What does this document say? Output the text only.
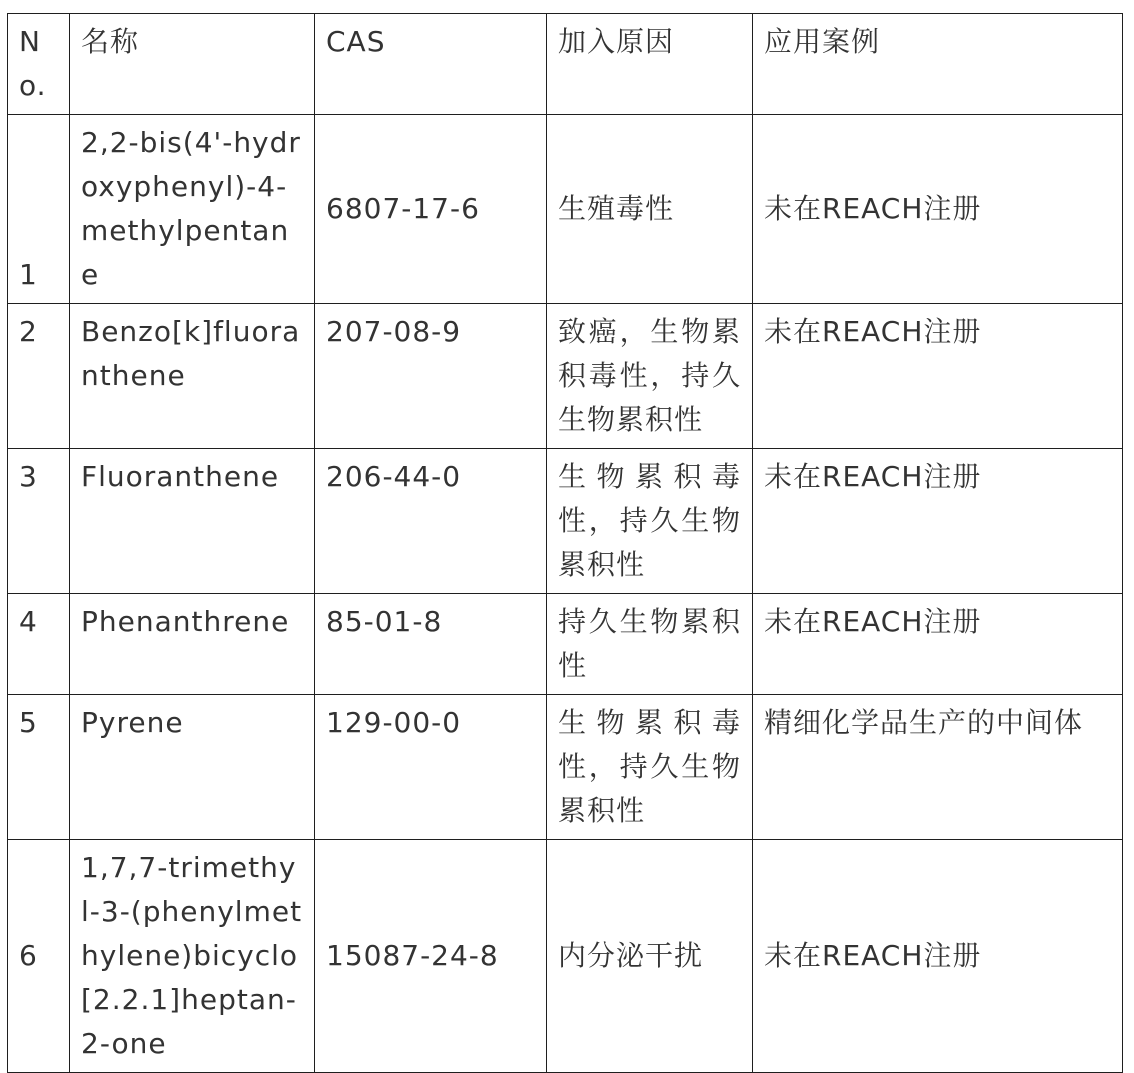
No.	名称	CAS	加入原因	应用案例
1	2,2-bis(4'-hydroxyphenyl)-4-methylpentane	6807-17-6	生殖毒性	未在REACH注册
2	Benzo[k]fluoranthene	207-08-9	致癌，生物累积毒性，持久生物累积性	未在REACH注册
3	Fluoranthene	206-44-0	生物累积毒性，持久生物累积性	未在REACH注册
4	Phenanthrene	85-01-8	持久生物累积性	未在REACH注册
5	Pyrene	129-00-0	生物累积毒性，持久生物累积性	精细化学品生产的中间体
6	1,7,7-trimethyl-3-(phenylmethylene)bicyclo[2.2.1]heptan-2-one	15087-24-8	内分泌干扰	未在REACH注册
